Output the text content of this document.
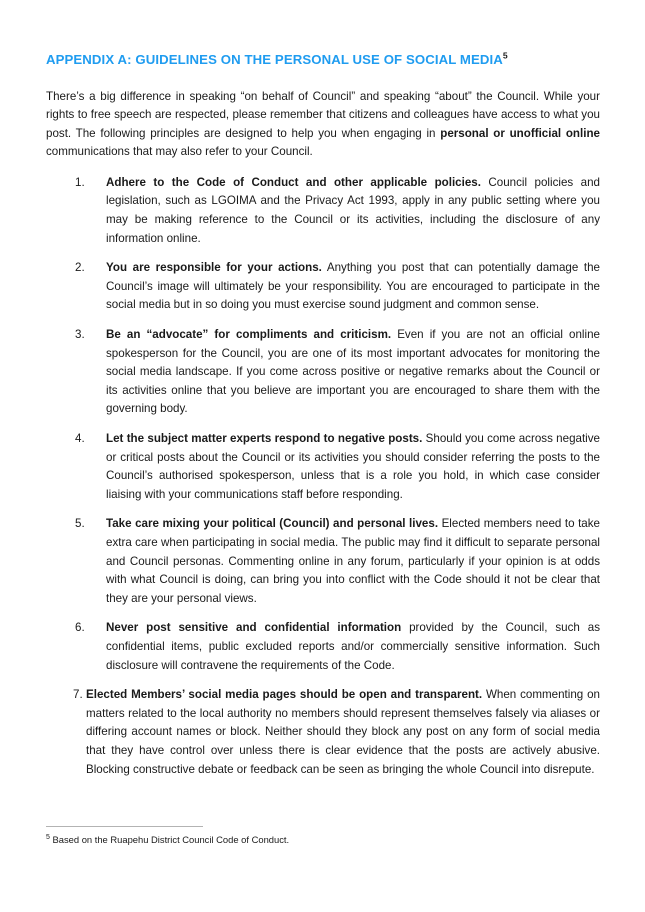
APPENDIX A: GUIDELINES ON THE PERSONAL USE OF SOCIAL MEDIA$^5$

There’s a big difference in speaking “on behalf of Council” and speaking “about” the Council. While your rights to free speech are respected, please remember that citizens and colleagues have access to what you post. The following principles are designed to help you when engaging in personal or unofficial online communications that may also refer to your Council.

1.	Adhere to the Code of Conduct and other applicable policies. Council policies and legislation, such as LGOIMA and the Privacy Act 1993, apply in any public setting where you may be making reference to the Council or its activities, including the disclosure of any information online.
2.	You are responsible for your actions. Anything you post that can potentially damage the Council’s image will ultimately be your responsibility. You are encouraged to participate in the social media but in so doing you must exercise sound judgment and common sense.
3.	Be an “advocate” for compliments and criticism. Even if you are not an official online spokesperson for the Council, you are one of its most important advocates for monitoring the social media landscape. If you come across positive or negative remarks about the Council or its activities online that you believe are important you are encouraged to share them with the governing body.
4.	Let the subject matter experts respond to negative posts. Should you come across negative or critical posts about the Council or its activities you should consider referring the posts to the Council’s authorised spokesperson, unless that is a role you hold, in which case consider liaising with your communications staff before responding.
5.	Take care mixing your political (Council) and personal lives. Elected members need to take extra care when participating in social media. The public may find it difficult to separate personal and Council personas. Commenting online in any forum, particularly if your opinion is at odds with what Council is doing, can bring you into conflict with the Code should it not be clear that they are your personal views.
6.	Never post sensitive and confidential information provided by the Council, such as confidential items, public excluded reports and/or commercially sensitive information. Such disclosure will contravene the requirements of the Code.
7. Elected Members’ social media pages should be open and transparent. When commenting on matters related to the local authority no members should represent themselves falsely via aliases or differing account names or block. Neither should they block any post on any form of social media that they have control over unless there is clear evidence that the posts are actively abusive. Blocking constructive debate or feedback can be seen as bringing the whole Council into disrepute.

$^5$ Based on the Ruapehu District Council Code of Conduct.
